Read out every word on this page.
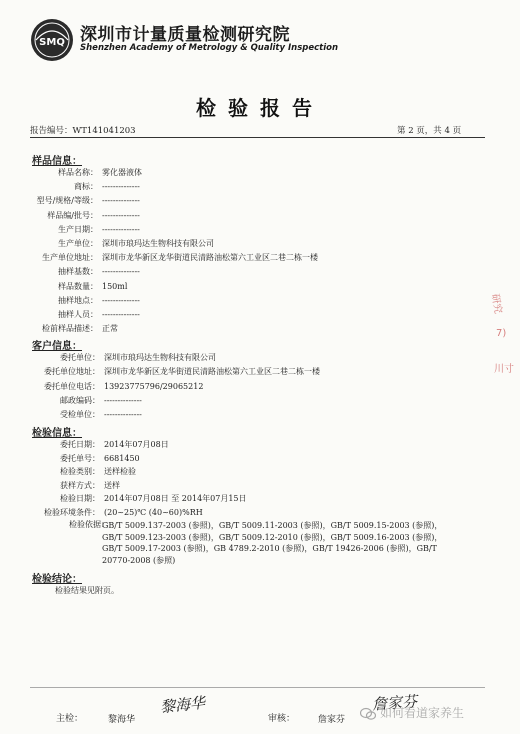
SMQ 深圳市计量质量检测研究院
Shenzhen Academy of Metrology & Quality Inspection
检验报告
报告编号：WT141041203	第 2 页，共 4 页
样品信息：
样品名称： 雾化器液体
商标： --------------
型号/规格/等级： --------------
样品编/批号： --------------
生产日期： --------------
生产单位： 深圳市琅玛达生物科技有限公司
生产单位地址： 深圳市龙华新区龙华街道民清路油松第六工业区二巷二栋一楼
抽样基数： --------------
样品数量： 150ml
抽样地点： --------------
抽样人员： --------------
检前样品描述： 正常
客户信息：
委托单位： 深圳市琅玛达生物科技有限公司
委托单位地址： 深圳市龙华新区龙华街道民清路油松第六工业区二巷二栋一楼
委托单位电话： 13923775796/29065212
邮政编码： --------------
受检单位： --------------
检验信息：
委托日期： 2014年07月08日
委托单号： 6681450
检验类别： 送样检验
获样方式： 送样
检验日期： 2014年07月08日 至 2014年07月15日
检验环境条件： (20~25)℃ (40~60)%RH
检验依据：
GB/T 5009.137-2003 (参照)，GB/T 5009.11-2003 (参照)，GB/T 5009.15-2003 (参照)，
GB/T 5009.123-2003 (参照)，GB/T 5009.12-2010 (参照)，GB/T 5009.16-2003 (参照)，
GB/T 5009.17-2003 (参照)，GB 4789.2-2010 (参照)，GB/T 19426-2006 (参照)，GB/T
20770-2008 (参照)
检验结论：
检验结果见附页。
研究
7)
川寸
主检：	黎海华
黎海华
审核：	詹家芬
詹家芬
如何看道家养生
